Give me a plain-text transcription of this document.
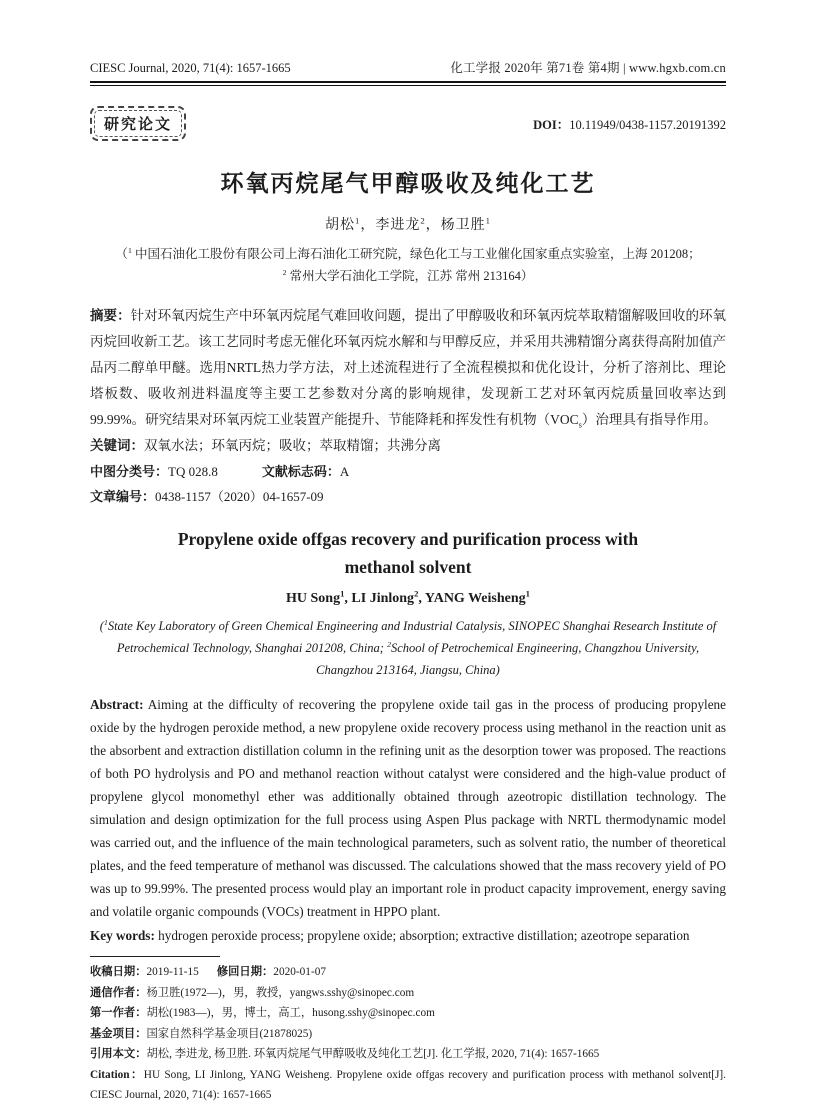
CIESC Journal, 2020, 71(4): 1657-1665	化工学报 2020年 第71卷 第4期 | www.hgxb.com.cn
研究论文	DOI：10.11949/0438-1157.20191392
环氧丙烷尾气甲醇吸收及纯化工艺
胡松$^1$，李进龙$^2$，杨卫胜$^1$
（$^1$ 中国石油化工股份有限公司上海石油化工研究院，绿色化工与工业催化国家重点实验室，上海 201208；
$^2$ 常州大学石油化工学院，江苏 常州 213164）
摘要：针对环氧丙烷生产中环氧丙烷尾气难回收问题，提出了甲醇吸收和环氧丙烷萃取精馏解吸回收的环氧丙烷回收新工艺。该工艺同时考虑无催化环氧丙烷水解和与甲醇反应，并采用共沸精馏分离获得高附加值产品丙二醇单甲醚。选用NRTL热力学方法，对上述流程进行了全流程模拟和优化设计，分析了溶剂比、理论塔板数、吸收剂进料温度等主要工艺参数对分离的影响规律，发现新工艺对环氧丙烷质量回收率达到99.99%。研究结果对环氧丙烷工业装置产能提升、节能降耗和挥发性有机物$(VOC_s)$治理具有指导作用。
关键词：双氧水法；环氧丙烷；吸收；萃取精馏；共沸分离
中图分类号：TQ 028.8	文献标志码：A
文章编号：0438-1157（2020）04-1657-09
Propylene oxide offgas recovery and purification process with
methanol solvent
HU Song$^1$, LI Jinlong$^2$, YANG Weisheng$^1$
($^1$State Key Laboratory of Green Chemical Engineering and Industrial Catalysis, SINOPEC Shanghai Research Institute of
Petrochemical Technology, Shanghai 201208, China; $^2$School of Petrochemical Engineering, Changzhou University,
Changzhou 213164, Jiangsu, China)
Abstract: Aiming at the difficulty of recovering the propylene oxide tail gas in the process of producing propylene oxide by the hydrogen peroxide method, a new propylene oxide recovery process using methanol in the reaction unit as the absorbent and extraction distillation column in the refining unit as the desorption tower was proposed. The reactions of both PO hydrolysis and PO and methanol reaction without catalyst were considered and the high-value product of propylene glycol monomethyl ether was additionally obtained through azeotropic distillation technology. The simulation and design optimization for the full process using Aspen Plus package with NRTL thermodynamic model was carried out, and the influence of the main technological parameters, such as solvent ratio, the number of theoretical plates, and the feed temperature of methanol was discussed. The calculations showed that the mass recovery yield of PO was up to 99.99%. The presented process would play an important role in product capacity improvement, energy saving and volatile organic compounds (VOCs) treatment in HPPO plant.
Key words: hydrogen peroxide process; propylene oxide; absorption; extractive distillation; azeotrope separation
收稿日期：2019-11-15 修回日期：2020-01-07
通信作者：杨卫胜(1972—)，男，教授，yangws.sshy@sinopec.com
第一作者：胡松(1983—)，男，博士，高工，husong.sshy@sinopec.com
基金项目：国家自然科学基金项目(21878025)
引用本文：胡松, 李进龙, 杨卫胜. 环氧丙烷尾气甲醇吸收及纯化工艺[J]. 化工学报, 2020, 71(4): 1657-1665
Citation：HU Song, LI Jinlong, YANG Weisheng. Propylene oxide offgas recovery and purification process with methanol solvent[J]. CIESC Journal, 2020, 71(4): 1657-1665
